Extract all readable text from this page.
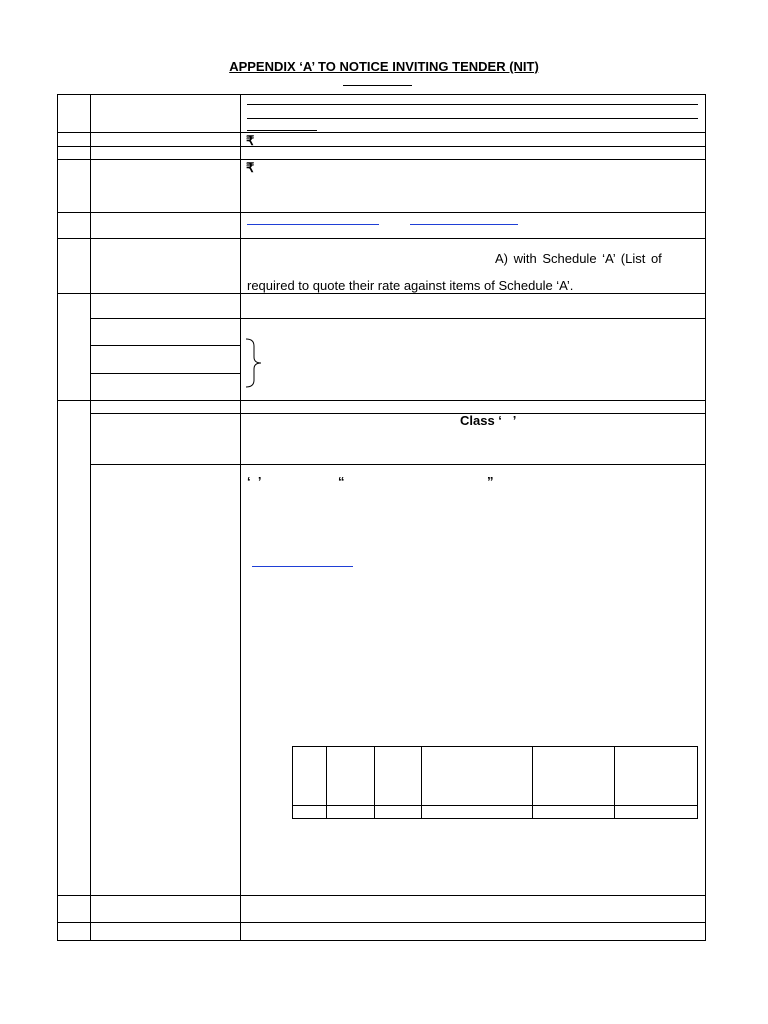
APPENDIX ‘A’ TO NOTICE INVITING TENDER (NIT)
₹
₹
A) with Schedule ‘A’ (List of
required to quote their rate against items of Schedule ‘A’.
Class ‘   ’
‘  ’	“	”
